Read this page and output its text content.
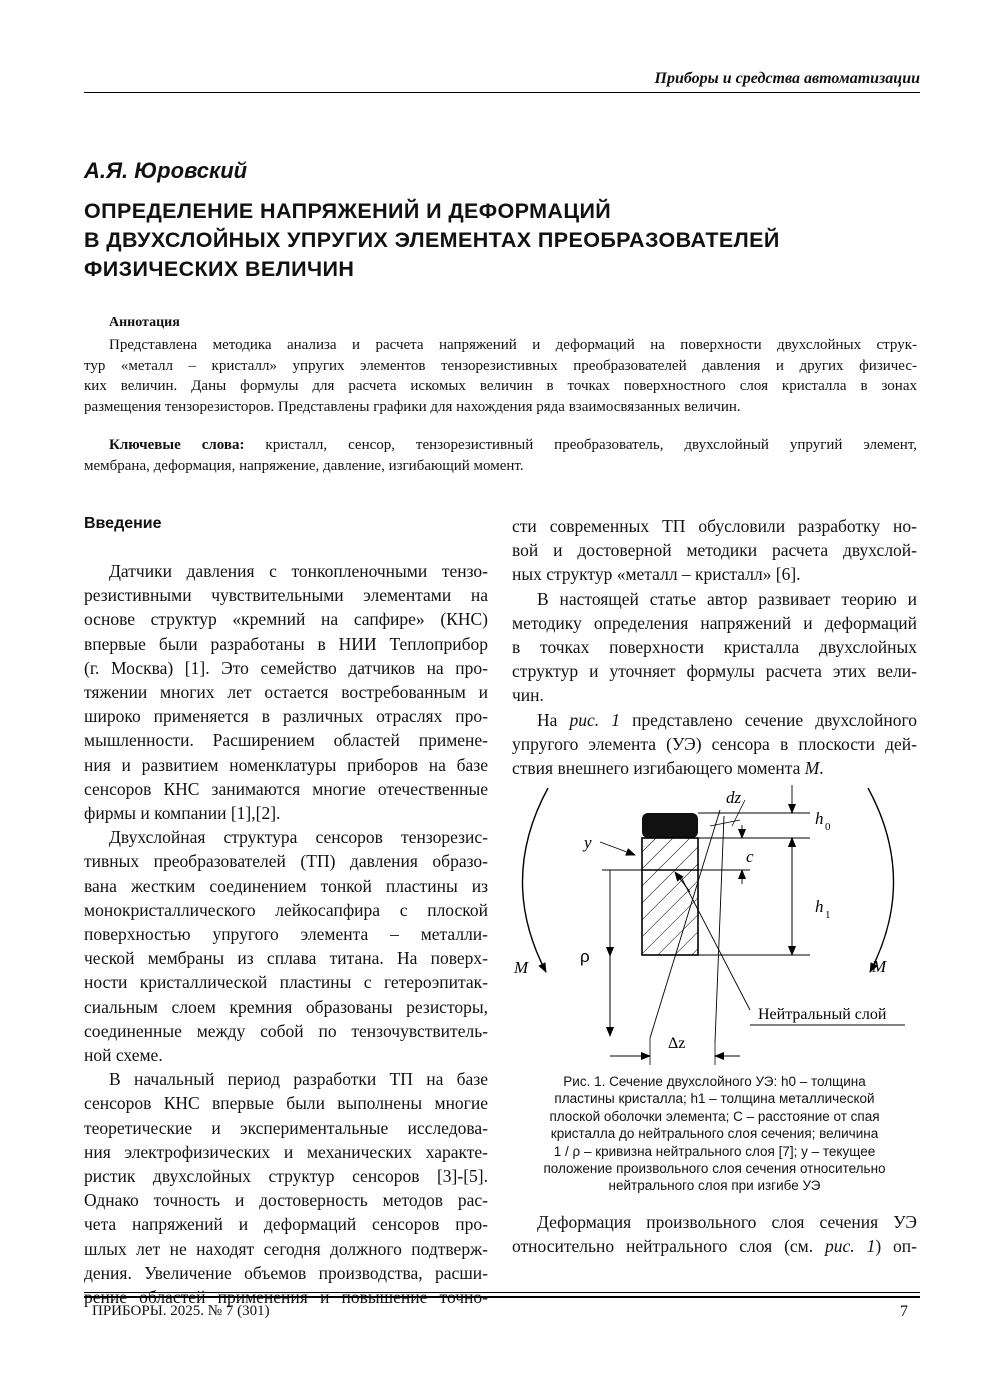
Приборы и средства автоматизации
А.Я. Юровский
ОПРЕДЕЛЕНИЕ НАПРЯЖЕНИЙ И ДЕФОРМАЦИЙ
В ДВУХСЛОЙНЫХ УПРУГИХ ЭЛЕМЕНТАХ ПРЕОБРАЗОВАТЕЛЕЙ
ФИЗИЧЕСКИХ ВЕЛИЧИН
Аннотация
Представлена методика анализа и расчета напряжений и деформаций на поверхности двухслойных струк-
тур «металл – кристалл» упругих элементов тензорезистивных преобразователей давления и других физичес-
ких величин. Даны формулы для расчета искомых величин в точках поверхностного слоя кристалла в зонах
размещения тензорезисторов. Представлены графики для нахождения ряда взаимосвязанных величин.
Ключевые слова: кристалл, сенсор, тензорезистивный преобразователь, двухслойный упругий элемент,
мембрана, деформация, напряжение, давление, изгибающий момент.
Введение
Датчики давления с тонкопленочными тензо-
резистивными чувствительными элементами на
основе структур «кремний на сапфире» (КНС)
впервые были разработаны в НИИ Теплоприбор
(г. Москва) [1]. Это семейство датчиков на про-
тяжении многих лет остается востребованным и
широко применяется в различных отраслях про-
мышленности. Расширением областей примене-
ния и развитием номенклатуры приборов на базе
сенсоров КНС занимаются многие отечественные
фирмы и компании [1],[2].
Двухслойная структура сенсоров тензорезис-
тивных преобразователей (ТП) давления образо-
вана жестким соединением тонкой пластины из
монокристаллического лейкосапфира с плоской
поверхностью упругого элемента – металли-
ческой мембраны из сплава титана. На поверх-
ности кристаллической пластины с гетероэпитак-
сиальным слоем кремния образованы резисторы,
соединенные между собой по тензочувствитель-
ной схеме.
В начальный период разработки ТП на базе
сенсоров КНС впервые были выполнены многие
теоретические и экспериментальные исследова-
ния электрофизических и механических характе-
ристик двухслойных структур сенсоров [3]-[5].
Однако точность и достоверность методов рас-
чета напряжений и деформаций сенсоров про-
шлых лет не находят сегодня должного подтверж-
дения. Увеличение объемов производства, расши-
рение областей применения и повышение точно-
сти современных ТП обусловили разработку но-
вой и достоверной методики расчета двухслой-
ных структур «металл – кристалл» [6].
В настоящей статье автор развивает теорию и
методику определения напряжений и деформаций
в точках поверхности кристалла двухслойных
структур и уточняет формулы расчета этих вели-
чин.
На рис. 1 представлено сечение двухслойного
упругого элемента (УЭ) сенсора в плоскости дей-
ствия внешнего изгибающего момента M.
dz
h 0
y
c
h 1
ρ
M	M
Нейтральный слой
Δz
Рис. 1. Сечение двухслойного УЭ: h0 – толщина
пластины кристалла; h1 – толщина металлической
плоской оболочки элемента; С – расстояние от спая
кристалла до нейтрального слоя сечения; величина
1 / ρ – кривизна нейтрального слоя [7]; y – текущее
положение произвольного слоя сечения относительно
нейтрального слоя при изгибе УЭ
Деформация произвольного слоя сечения УЭ
относительно нейтрального слоя (см. рис. 1) оп-
ПРИБОРЫ. 2025. № 7 (301)	7
